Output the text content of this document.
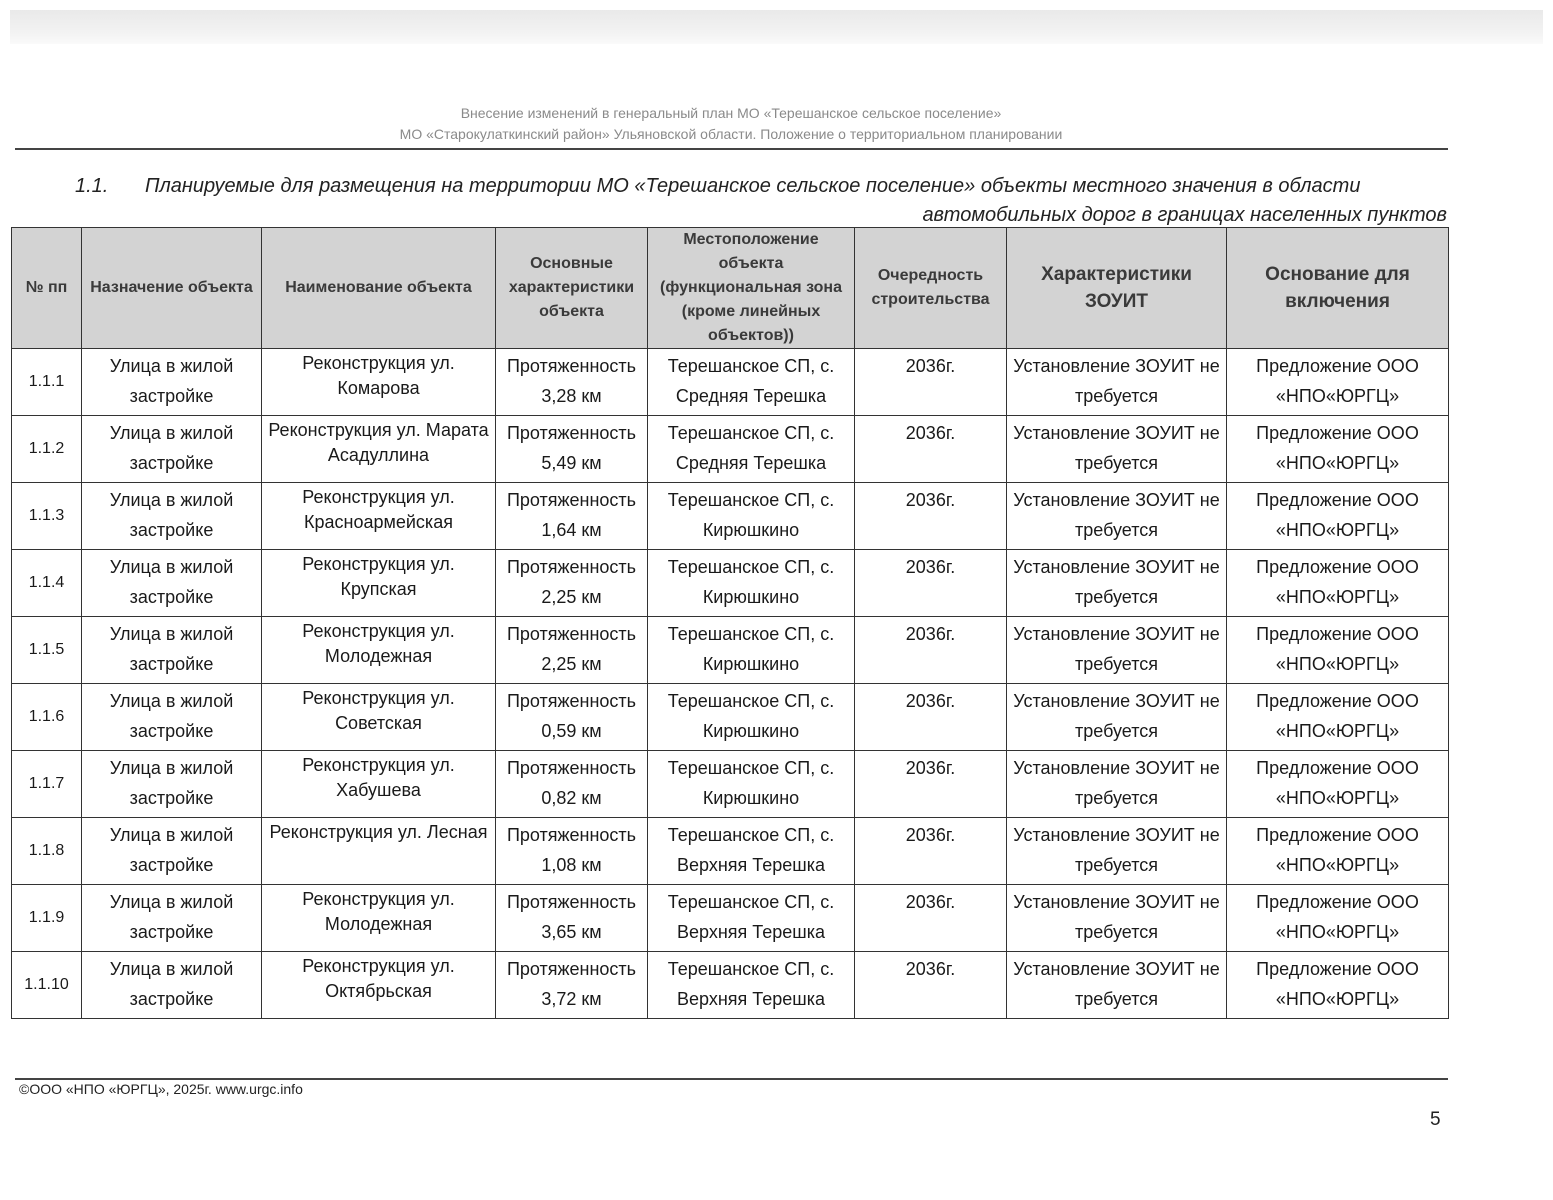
Внесение изменений в генеральный план МО «Терешанское сельское поселение»
МО «Старокулаткинский район» Ульяновской области. Положение о территориальном планировании
1.1.	Планируемые для размещения на территории МО «Терешанское сельское поселение» объекты местного значения в области
автомобильных дорог в границах населенных пунктов
№ пп	Назначение объекта	Наименование объекта	Основные характеристики объекта	Местоположение объекта (функциональная зона (кроме линейных объектов))	Очередность строительства	Характеристики ЗОУИТ	Основание для включения
1.1.1	Улица в жилой застройке	Реконструкция ул. Комарова	Протяженность 3,28 км	Терешанское СП, с. Средняя Терешка	2036г.	Установление ЗОУИТ не требуется	Предложение ООО «НПО«ЮРГЦ»
1.1.2	Улица в жилой застройке	Реконструкция ул. Марата Асадуллина	Протяженность 5,49 км	Терешанское СП, с. Средняя Терешка	2036г.	Установление ЗОУИТ не требуется	Предложение ООО «НПО«ЮРГЦ»
1.1.3	Улица в жилой застройке	Реконструкция ул. Красноармейская	Протяженность 1,64 км	Терешанское СП, с. Кирюшкино	2036г.	Установление ЗОУИТ не требуется	Предложение ООО «НПО«ЮРГЦ»
1.1.4	Улица в жилой застройке	Реконструкция ул. Крупская	Протяженность 2,25 км	Терешанское СП, с. Кирюшкино	2036г.	Установление ЗОУИТ не требуется	Предложение ООО «НПО«ЮРГЦ»
1.1.5	Улица в жилой застройке	Реконструкция ул. Молодежная	Протяженность 2,25 км	Терешанское СП, с. Кирюшкино	2036г.	Установление ЗОУИТ не требуется	Предложение ООО «НПО«ЮРГЦ»
1.1.6	Улица в жилой застройке	Реконструкция ул. Советская	Протяженность 0,59 км	Терешанское СП, с. Кирюшкино	2036г.	Установление ЗОУИТ не требуется	Предложение ООО «НПО«ЮРГЦ»
1.1.7	Улица в жилой застройке	Реконструкция ул. Хабушева	Протяженность 0,82 км	Терешанское СП, с. Кирюшкино	2036г.	Установление ЗОУИТ не требуется	Предложение ООО «НПО«ЮРГЦ»
1.1.8	Улица в жилой застройке	Реконструкция ул. Лесная	Протяженность 1,08 км	Терешанское СП, с. Верхняя Терешка	2036г.	Установление ЗОУИТ не требуется	Предложение ООО «НПО«ЮРГЦ»
1.1.9	Улица в жилой застройке	Реконструкция ул. Молодежная	Протяженность 3,65 км	Терешанское СП, с. Верхняя Терешка	2036г.	Установление ЗОУИТ не требуется	Предложение ООО «НПО«ЮРГЦ»
1.1.10	Улица в жилой застройке	Реконструкция ул. Октябрьская	Протяженность 3,72 км	Терешанское СП, с. Верхняя Терешка	2036г.	Установление ЗОУИТ не требуется	Предложение ООО «НПО«ЮРГЦ»
©ООО «НПО «ЮРГЦ», 2025г. www.urgc.info
5
